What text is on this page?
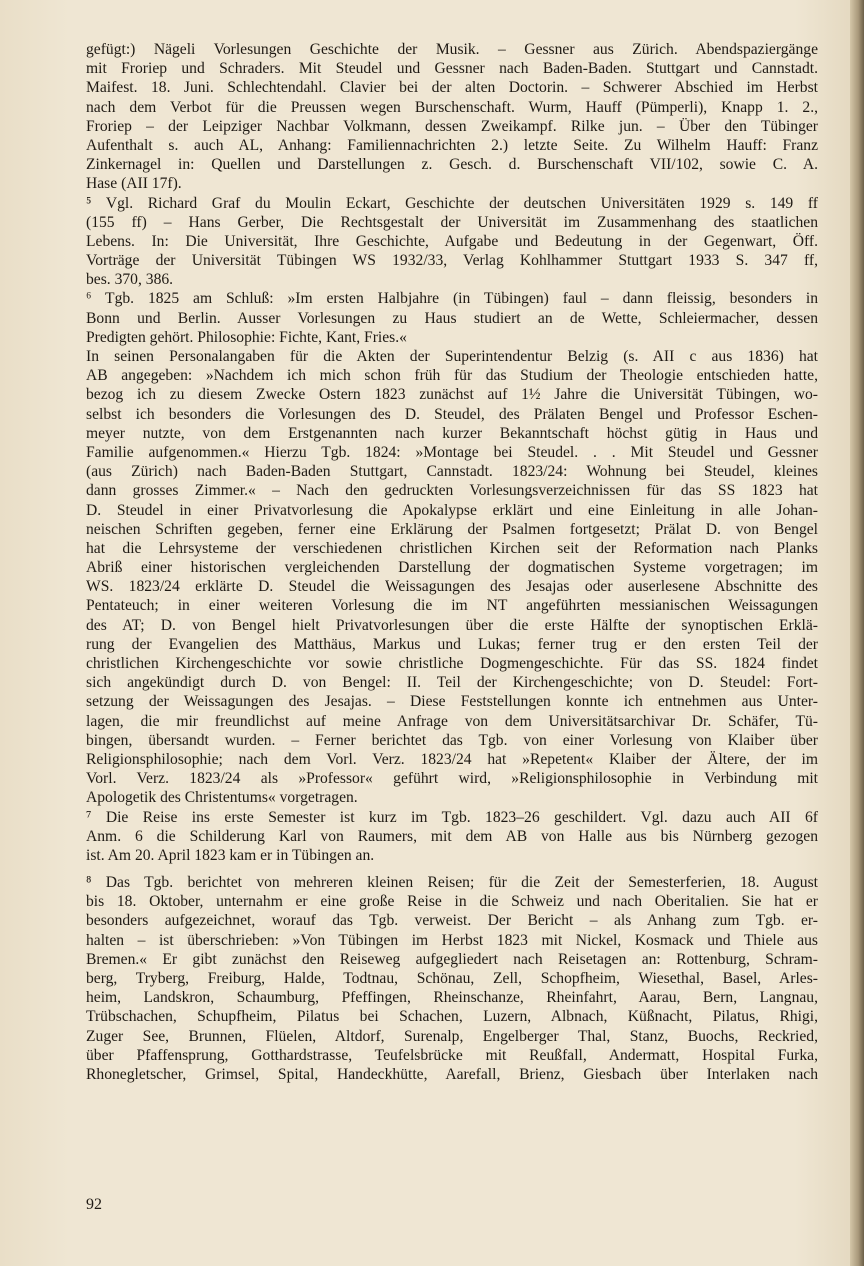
gefügt:) Nägeli Vorlesungen Geschichte der Musik. – Gessner aus Zürich. Abendspaziergänge
mit Froriep und Schraders. Mit Steudel und Gessner nach Baden-Baden. Stuttgart und Cannstadt.
Maifest. 18. Juni. Schlechtendahl. Clavier bei der alten Doctorin. – Schwerer Abschied im Herbst
nach dem Verbot für die Preussen wegen Burschenschaft. Wurm, Hauff (Pümperli), Knapp 1. 2.,
Froriep – der Leipziger Nachbar Volkmann, dessen Zweikampf. Rilke jun. – Über den Tübinger
Aufenthalt s. auch AL, Anhang: Familiennachrichten 2.) letzte Seite. Zu Wilhelm Hauff: Franz
Zinkernagel in: Quellen und Darstellungen z. Gesch. d. Burschenschaft VII/102, sowie C. A.
Hase (AII 17f).
⁵ Vgl. Richard Graf du Moulin Eckart, Geschichte der deutschen Universitäten 1929 s. 149 ff
(155 ff) – Hans Gerber, Die Rechtsgestalt der Universität im Zusammenhang des staatlichen
Lebens. In: Die Universität, Ihre Geschichte, Aufgabe und Bedeutung in der Gegenwart, Öff.
Vorträge der Universität Tübingen WS 1932/33, Verlag Kohlhammer Stuttgart 1933 S. 347 ff,
bes. 370, 386.
⁶ Tgb. 1825 am Schluß: »Im ersten Halbjahre (in Tübingen) faul – dann fleissig, besonders in
Bonn und Berlin. Ausser Vorlesungen zu Haus studiert an de Wette, Schleiermacher, dessen
Predigten gehört. Philosophie: Fichte, Kant, Fries.«
In seinen Personalangaben für die Akten der Superintendentur Belzig (s. AII c aus 1836) hat
AB angegeben: »Nachdem ich mich schon früh für das Studium der Theologie entschieden hatte,
bezog ich zu diesem Zwecke Ostern 1823 zunächst auf 1½ Jahre die Universität Tübingen, wo-
selbst ich besonders die Vorlesungen des D. Steudel, des Prälaten Bengel und Professor Eschen-
meyer nutzte, von dem Erstgenannten nach kurzer Bekanntschaft höchst gütig in Haus und
Familie aufgenommen.« Hierzu Tgb. 1824: »Montage bei Steudel. . . Mit Steudel und Gessner
(aus Zürich) nach Baden-Baden Stuttgart, Cannstadt. 1823/24: Wohnung bei Steudel, kleines
dann grosses Zimmer.« – Nach den gedruckten Vorlesungsverzeichnissen für das SS 1823 hat
D. Steudel in einer Privatvorlesung die Apokalypse erklärt und eine Einleitung in alle Johan-
neischen Schriften gegeben, ferner eine Erklärung der Psalmen fortgesetzt; Prälat D. von Bengel
hat die Lehrsysteme der verschiedenen christlichen Kirchen seit der Reformation nach Planks
Abriß einer historischen vergleichenden Darstellung der dogmatischen Systeme vorgetragen; im
WS. 1823/24 erklärte D. Steudel die Weissagungen des Jesajas oder auserlesene Abschnitte des
Pentateuch; in einer weiteren Vorlesung die im NT angeführten messianischen Weissagungen
des AT; D. von Bengel hielt Privatvorlesungen über die erste Hälfte der synoptischen Erklä-
rung der Evangelien des Matthäus, Markus und Lukas; ferner trug er den ersten Teil der
christlichen Kirchengeschichte vor sowie christliche Dogmengeschichte. Für das SS. 1824 findet
sich angekündigt durch D. von Bengel: II. Teil der Kirchengeschichte; von D. Steudel: Fort-
setzung der Weissagungen des Jesajas. – Diese Feststellungen konnte ich entnehmen aus Unter-
lagen, die mir freundlichst auf meine Anfrage von dem Universitätsarchivar Dr. Schäfer, Tü-
bingen, übersandt wurden. – Ferner berichtet das Tgb. von einer Vorlesung von Klaiber über
Religionsphilosophie; nach dem Vorl. Verz. 1823/24 hat »Repetent« Klaiber der Ältere, der im
Vorl. Verz. 1823/24 als »Professor« geführt wird, »Religionsphilosophie in Verbindung mit
Apologetik des Christentums« vorgetragen.
⁷ Die Reise ins erste Semester ist kurz im Tgb. 1823–26 geschildert. Vgl. dazu auch AII 6f
Anm. 6 die Schilderung Karl von Raumers, mit dem AB von Halle aus bis Nürnberg gezogen
ist. Am 20. April 1823 kam er in Tübingen an.
⁸ Das Tgb. berichtet von mehreren kleinen Reisen; für die Zeit der Semesterferien, 18. August
bis 18. Oktober, unternahm er eine große Reise in die Schweiz und nach Oberitalien. Sie hat er
besonders aufgezeichnet, worauf das Tgb. verweist. Der Bericht – als Anhang zum Tgb. er-
halten – ist überschrieben: »Von Tübingen im Herbst 1823 mit Nickel, Kosmack und Thiele aus
Bremen.« Er gibt zunächst den Reiseweg aufgegliedert nach Reisetagen an: Rottenburg, Schram-
berg, Tryberg, Freiburg, Halde, Todtnau, Schönau, Zell, Schopfheim, Wiesethal, Basel, Arles-
heim, Landskron, Schaumburg, Pfeffingen, Rheinschanze, Rheinfahrt, Aarau, Bern, Langnau,
Trübschachen, Schupfheim, Pilatus bei Schachen, Luzern, Albnach, Küßnacht, Pilatus, Rhigi,
Zuger See, Brunnen, Flüelen, Altdorf, Surenalp, Engelberger Thal, Stanz, Buochs, Reckried,
über Pfaffensprung, Gotthardstrasse, Teufelsbrücke mit Reußfall, Andermatt, Hospital Furka,
Rhonegletscher, Grimsel, Spital, Handeckhütte, Aarefall, Brienz, Giesbach über Interlaken nach
92
